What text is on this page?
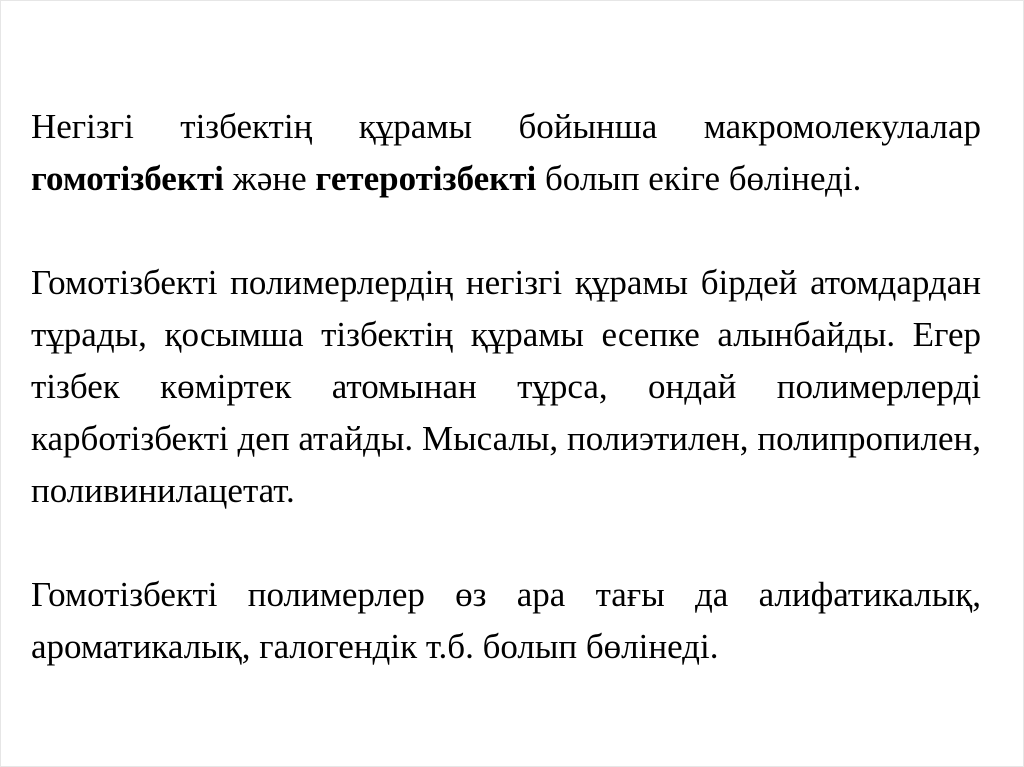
Негізгі тізбектің құрамы бойынша макромолекулалар гомотізбекті және гетеротізбекті болып екіге бөлінеді.

Гомотізбекті полимерлердің негізгі құрамы бірдей атомдардан тұрады, қосымша тізбектің құрамы есепке алынбайды. Егер тізбек көміртек атомынан тұрса, ондай полимерлерді карботізбекті деп атайды. Мысалы, полиэтилен, полипропилен, поливинилацетат.

Гомотізбекті полимерлер өз ара тағы да алифатикалық, ароматикалық, галогендік т.б. болып бөлінеді.
